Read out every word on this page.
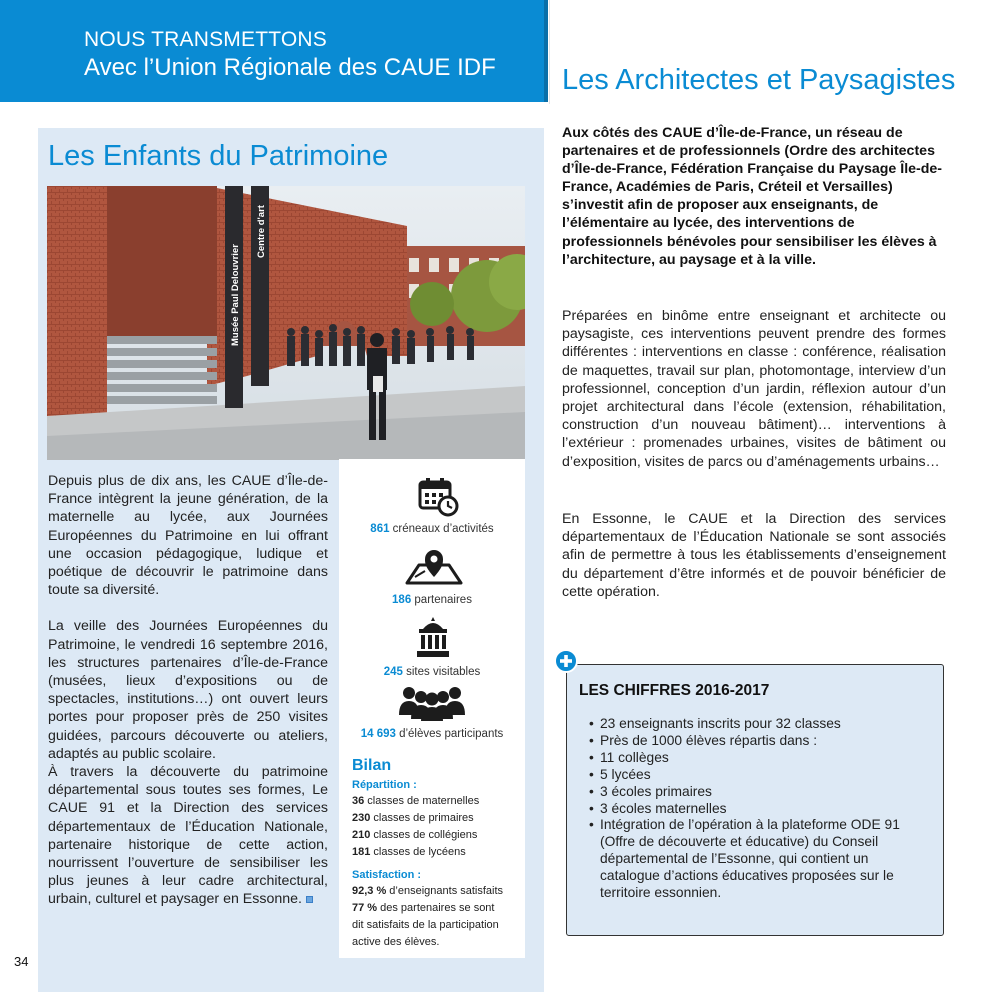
NOUS TRANSMETTONS
Avec l’Union Régionale des CAUE IDF
Les Enfants du Patrimoine
Musée Paul Delouvrier
Centre d'art

Depuis plus de dix ans, les CAUE d’Île-de-France intègrent la jeune génération, de la maternelle au lycée, aux Journées Européennes du Patrimoine en lui offrant une occasion pédagogique, ludique et poétique de découvrir le patrimoine dans toute sa diversité.

La veille des Journées Européennes du Patrimoine, le vendredi 16 septembre 2016, les structures partenaires d’Île-de-France (musées, lieux d’expositions ou de spectacles, institutions…) ont ouvert leurs portes pour proposer près de 250 visites guidées, parcours découverte ou ateliers, adaptés au public scolaire.

À travers la découverte du patrimoine départemental sous toutes ses formes, Le CAUE 91 et la Direction des services départementaux de l’Éducation Nationale, partenaire historique de cette action, nourrissent l’ouverture de sensibiliser les plus jeunes à leur cadre architectural, urbain, culturel et paysager en Essonne.

861 créneaux d’activités
186 partenaires
245 sites visitables
14 693 d’élèves participants
Bilan
Répartition :
36 classes de maternelles
230 classes de primaires
210 classes de collégiens
181 classes de lycéens
Satisfaction :
92,3 % d’enseignants satisfaits
77 % des partenaires se sont
dit satisfaits de la participation
active des élèves.
Les Architectes et Paysagistes
Aux côtés des CAUE d’Île-de-France, un réseau de partenaires et de professionnels (Ordre des architectes d’Île-de-France, Fédération Française du Paysage Île-de-France, Académies de Paris, Créteil et Versailles) s’investit afin de proposer aux enseignants, de l’élémentaire au lycée, des interventions de professionnels bénévoles pour sensibiliser les élèves à l’architecture, au paysage et à la ville.
Préparées en binôme entre enseignant et architecte ou paysagiste, ces interventions peuvent prendre des formes différentes : interventions en classe : conférence, réalisation de maquettes, travail sur plan, photomontage, interview d’un professionnel, conception d’un jardin, réflexion autour d’un projet architectural dans l’école (extension, réhabilitation, construction d’un nouveau bâtiment)… interventions à l’extérieur : promenades urbaines, visites de bâtiment ou d’exposition, visites de parcs ou d’aménagements urbains…
En Essonne, le CAUE et la Direction des services départementaux de l’Éducation Nationale se sont associés afin de permettre à tous les établissements d’enseignement du département d’être informés et de pouvoir bénéficier de cette opération.
LES CHIFFRES 2016-2017
• 23 enseignants inscrits pour 32 classes
• Près de 1000 élèves répartis dans :
• 11 collèges
• 5 lycées
• 3 écoles primaires
• 3 écoles maternelles
• Intégration de l’opération à la plateforme ODE 91 (Offre de découverte et éducative) du Conseil départemental de l’Essonne, qui contient un catalogue d’actions éducatives proposées sur le territoire essonnien.
34
